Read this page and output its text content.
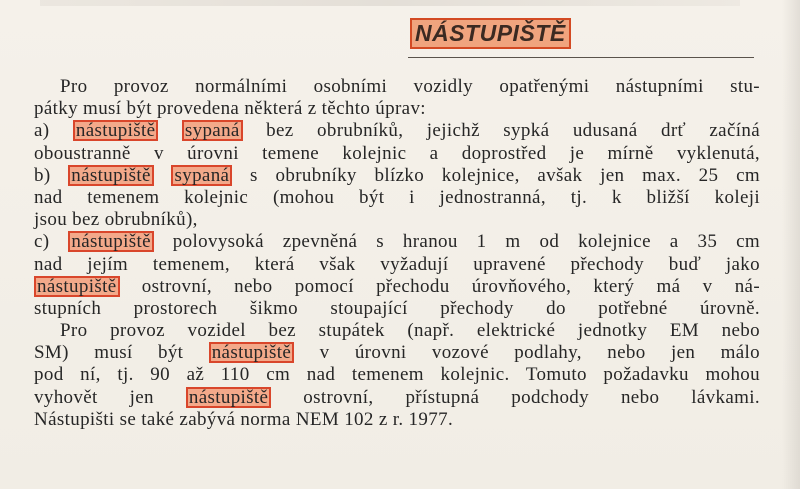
NÁSTUPIŠTĚ
Pro provoz normálními osobními vozidly opatřenými nástupními stu-
pátky musí být provedena některá z těchto úprav:
a) nástupiště sypaná bez obrubníků, jejichž sypká udusaná drť začíná
oboustranně v úrovni temene kolejnic a doprostřed je mírně vyklenutá,
b) nástupiště sypaná s obrubníky blízko kolejnice, avšak jen max. 25 cm
nad temenem kolejnic (mohou být i jednostranná, tj. k bližší koleji
jsou bez obrubníků),
c) nástupiště polovysoká zpevněná s hranou 1 m od kolejnice a 35 cm
nad jejím temenem, která však vyžadují upravené přechody buď jako
nástupiště ostrovní, nebo pomocí přechodu úrovňového, který má v ná-
stupních prostorech šikmo stoupající přechody do potřebné úrovně.
Pro provoz vozidel bez stupátek (např. elektrické jednotky EM nebo
SM) musí být nástupiště v úrovni vozové podlahy, nebo jen málo
pod ní, tj. 90 až 110 cm nad temenem kolejnic. Tomuto požadavku mohou
vyhovět jen nástupiště ostrovní, přístupná podchody nebo lávkami.
Nástupišti se také zabývá norma NEM 102 z r. 1977.
